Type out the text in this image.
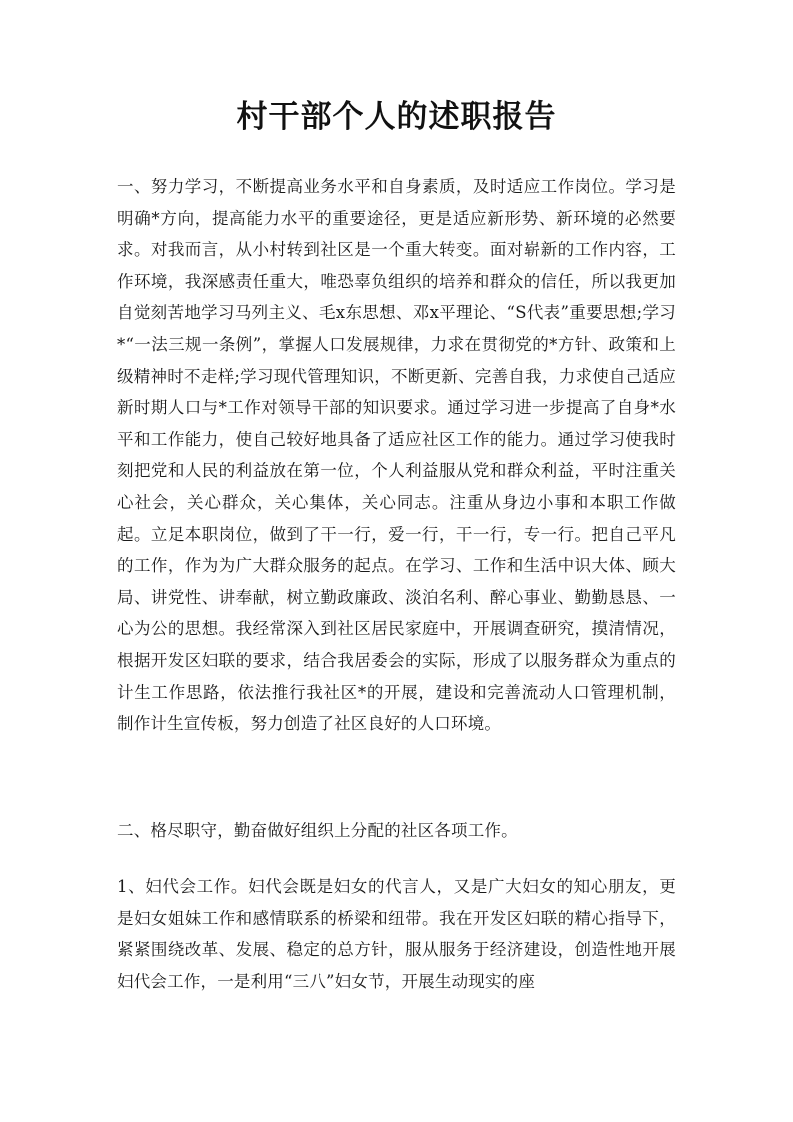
村干部个人的述职报告

一、努力学习，不断提高业务水平和自身素质，及时适应工作岗位。学习是明确*方向，提高能力水平的重要途径，更是适应新形势、新环境的必然要求。对我而言，从小村转到社区是一个重大转变。面对崭新的工作内容，工作环境，我深感责任重大，唯恐辜负组织的培养和群众的信任，所以我更加自觉刻苦地学习马列主义、毛x东思想、邓x平理论、“S代表”重要思想;学习*“一法三规一条例”，掌握人口发展规律，力求在贯彻党的*方针、政策和上级精神时不走样;学习现代管理知识，不断更新、完善自我，力求使自己适应新时期人口与*工作对领导干部的知识要求。通过学习进一步提高了自身*水平和工作能力，使自己较好地具备了适应社区工作的能力。通过学习使我时刻把党和人民的利益放在第一位，个人利益服从党和群众利益，平时注重关心社会，关心群众，关心集体，关心同志。注重从身边小事和本职工作做起。立足本职岗位，做到了干一行，爱一行，干一行，专一行。把自己平凡的工作，作为为广大群众服务的起点。在学习、工作和生活中识大体、顾大局、讲党性、讲奉献，树立勤政廉政、淡泊名利、醉心事业、勤勤恳恳、一心为公的思想。我经常深入到社区居民家庭中，开展调查研究，摸清情况，根据开发区妇联的要求，结合我居委会的实际，形成了以服务群众为重点的计生工作思路，依法推行我社区*的开展，建设和完善流动人口管理机制，制作计生宣传板，努力创造了社区良好的人口环境。

二、格尽职守，勤奋做好组织上分配的社区各项工作。

1、妇代会工作。妇代会既是妇女的代言人，又是广大妇女的知心朋友，更是妇女姐妹工作和感情联系的桥梁和纽带。我在开发区妇联的精心指导下，紧紧围绕改革、发展、稳定的总方针，服从服务于经济建设，创造性地开展妇代会工作，一是利用“三八”妇女节，开展生动现实的座
